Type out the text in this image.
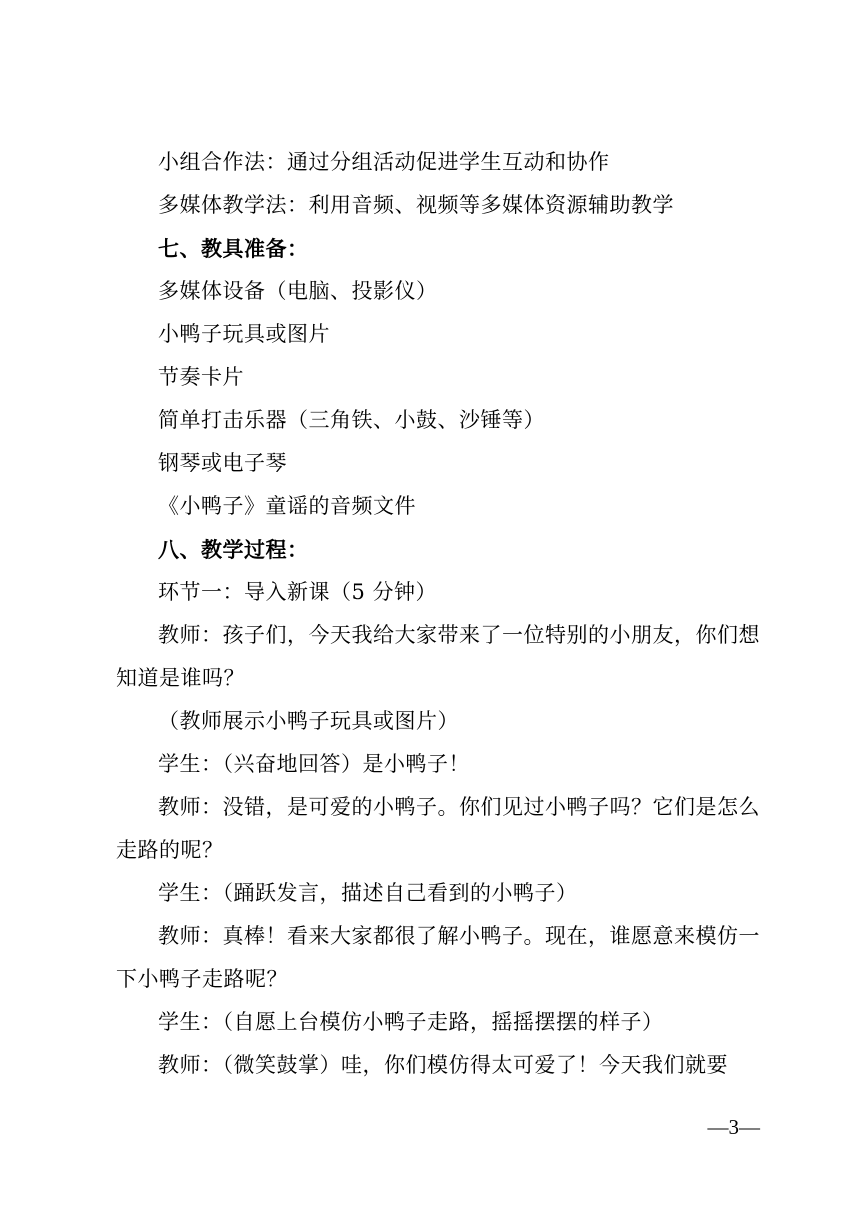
小组合作法：通过分组活动促进学生互动和协作

多媒体教学法：利用音频、视频等多媒体资源辅助教学

七、教具准备：

多媒体设备（电脑、投影仪）

小鸭子玩具或图片

节奏卡片

简单打击乐器（三角铁、小鼓、沙锤等）

钢琴或电子琴

《小鸭子》童谣的音频文件

八、教学过程：

环节一：导入新课（5 分钟）

教师：孩子们，今天我给大家带来了一位特别的小朋友，你们想知道是谁吗？

（教师展示小鸭子玩具或图片）

学生：（兴奋地回答）是小鸭子！

教师：没错，是可爱的小鸭子。你们见过小鸭子吗？它们是怎么走路的呢？

学生：（踊跃发言，描述自己看到的小鸭子）

教师：真棒！看来大家都很了解小鸭子。现在，谁愿意来模仿一下小鸭子走路呢？

学生：（自愿上台模仿小鸭子走路，摇摇摆摆的样子）

教师：（微笑鼓掌）哇，你们模仿得太可爱了！今天我们就要

—3—
